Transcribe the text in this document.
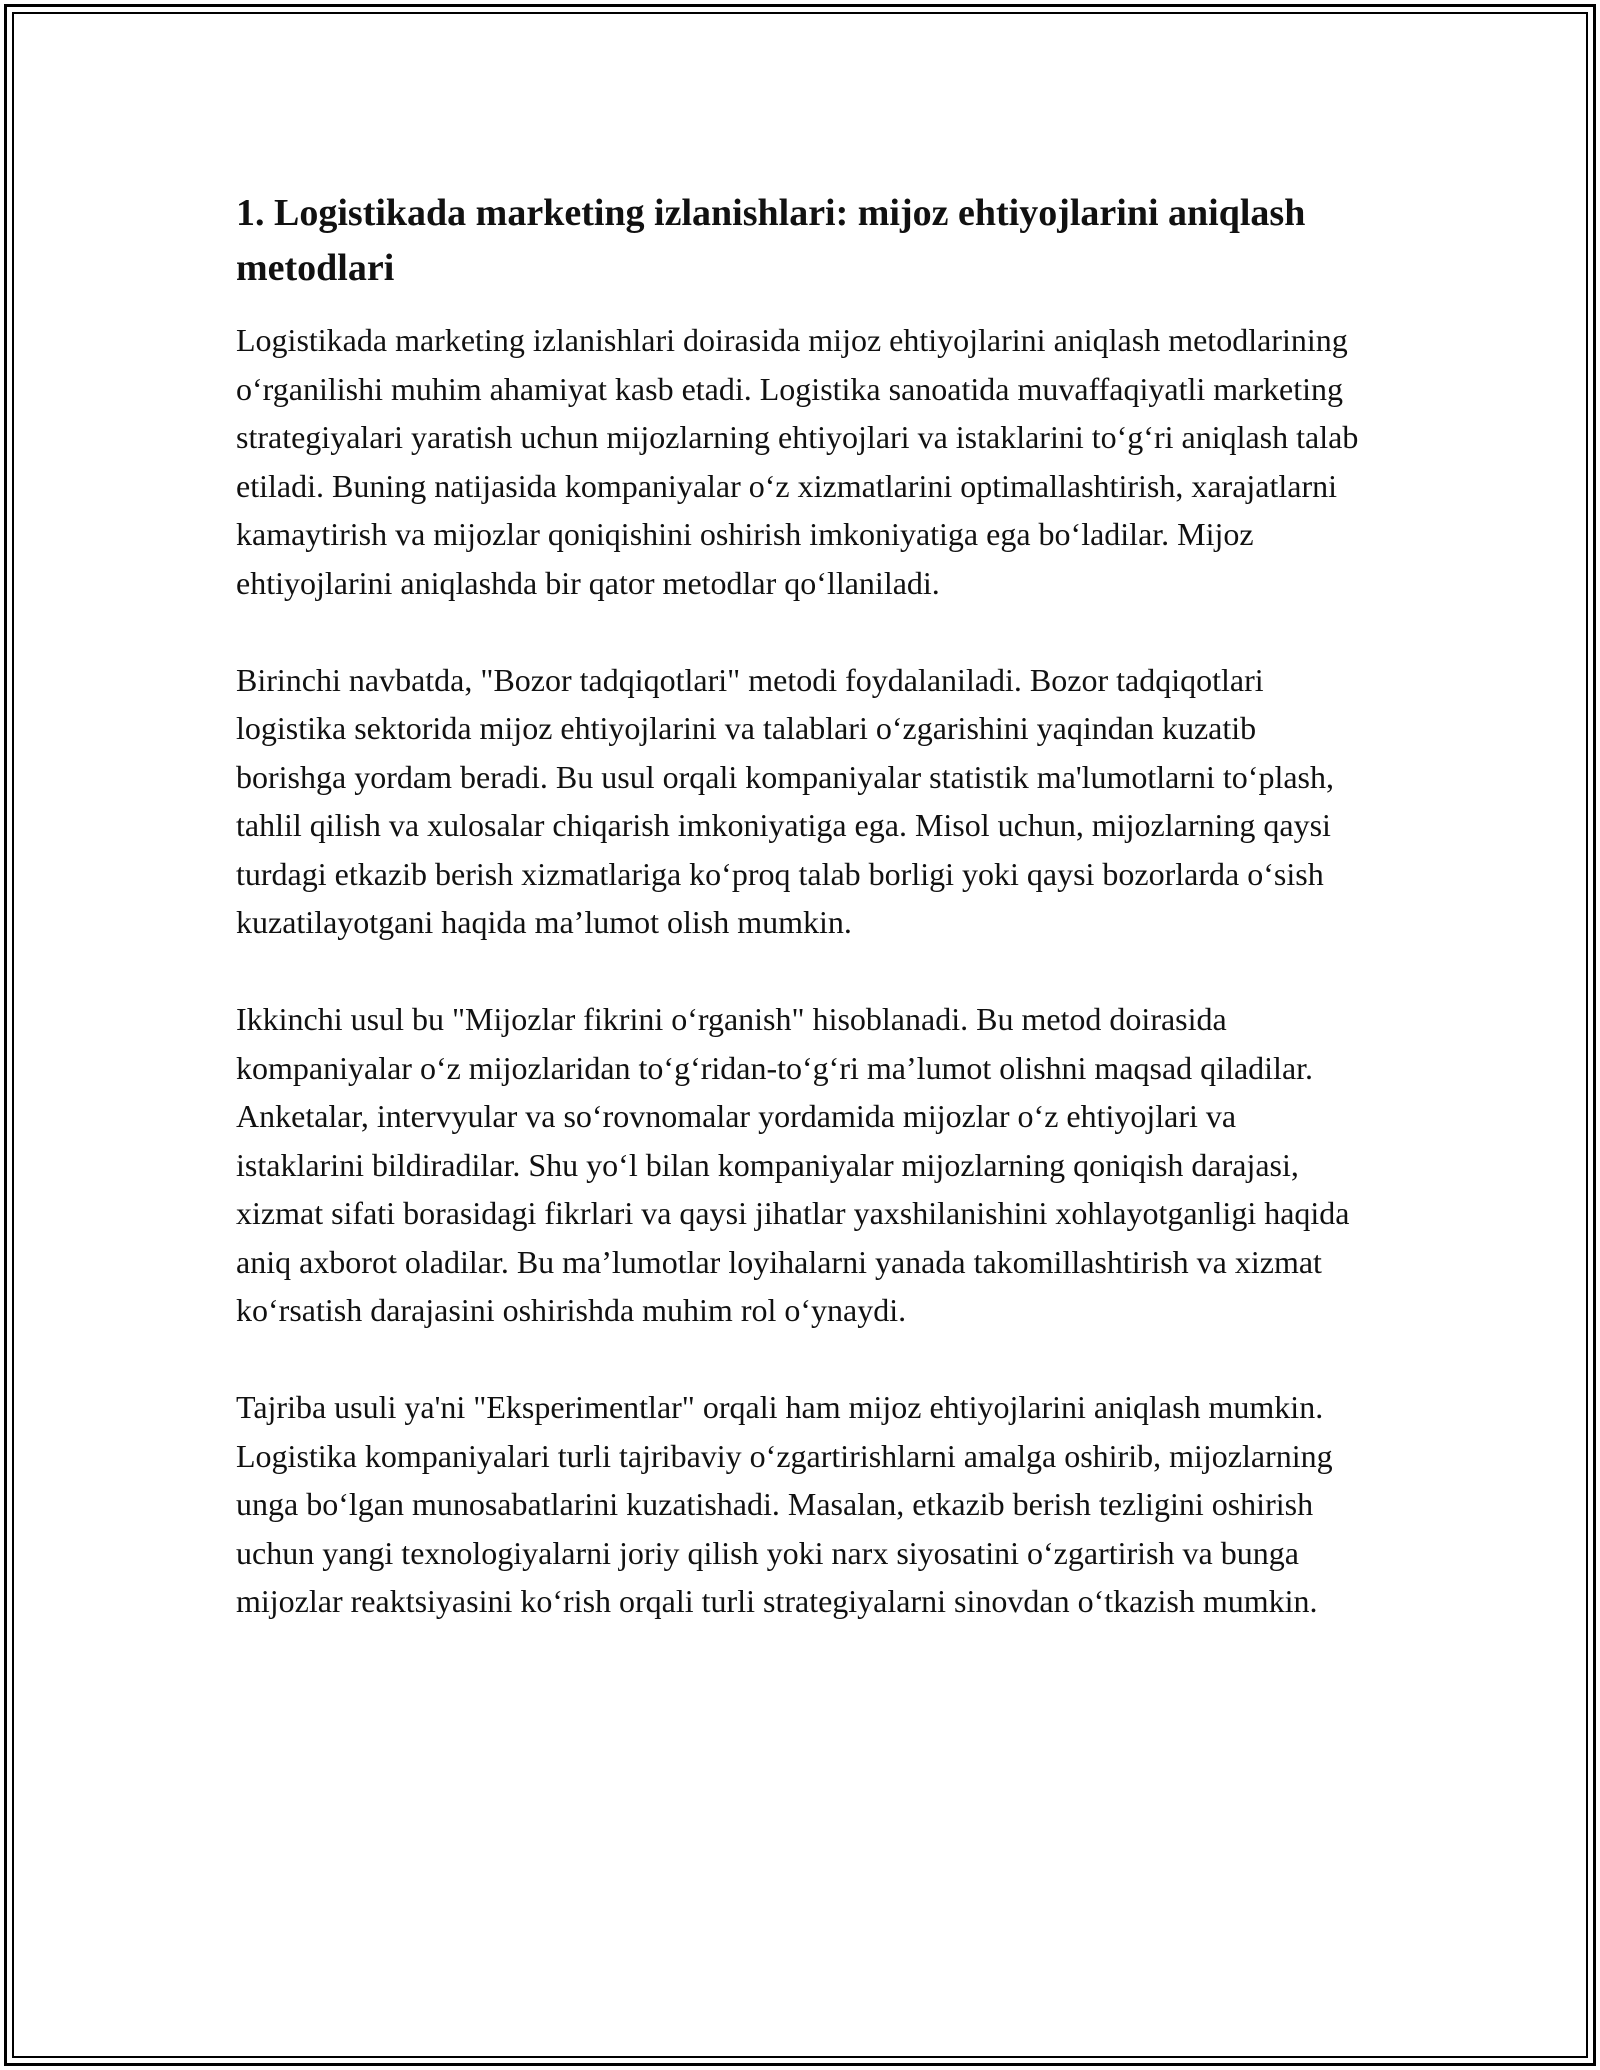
1. Logistikada marketing izlanishlari: mijoz ehtiyojlarini aniqlash metodlari

Logistikada marketing izlanishlari doirasida mijoz ehtiyojlarini aniqlash metodlarining o‘rganilishi muhim ahamiyat kasb etadi. Logistika sanoatida muvaffaqiyatli marketing strategiyalari yaratish uchun mijozlarning ehtiyojlari va istaklarini to‘g‘ri aniqlash talab etiladi. Buning natijasida kompaniyalar o‘z xizmatlarini optimallashtirish, xarajatlarni kamaytirish va mijozlar qoniqishini oshirish imkoniyatiga ega bo‘ladilar. Mijoz ehtiyojlarini aniqlashda bir qator metodlar qo‘llaniladi.

Birinchi navbatda, "Bozor tadqiqotlari" metodi foydalaniladi. Bozor tadqiqotlari logistika sektorida mijoz ehtiyojlarini va talablari o‘zgarishini yaqindan kuzatib borishga yordam beradi. Bu usul orqali kompaniyalar statistik ma'lumotlarni to‘plash, tahlil qilish va xulosalar chiqarish imkoniyatiga ega. Misol uchun, mijozlarning qaysi turdagi etkazib berish xizmatlariga ko‘proq talab borligi yoki qaysi bozorlarda o‘sish kuzatilayotgani haqida ma’lumot olish mumkin.

Ikkinchi usul bu "Mijozlar fikrini o‘rganish" hisoblanadi. Bu metod doirasida kompaniyalar o‘z mijozlaridan to‘g‘ridan-to‘g‘ri ma’lumot olishni maqsad qiladilar. Anketalar, intervyular va so‘rovnomalar yordamida mijozlar o‘z ehtiyojlari va istaklarini bildiradilar. Shu yo‘l bilan kompaniyalar mijozlarning qoniqish darajasi, xizmat sifati borasidagi fikrlari va qaysi jihatlar yaxshilanishini xohlayotganligi haqida aniq axborot oladilar. Bu ma’lumotlar loyihalarni yanada takomillashtirish va xizmat ko‘rsatish darajasini oshirishda muhim rol o‘ynaydi.

Tajriba usuli ya'ni "Eksperimentlar" orqali ham mijoz ehtiyojlarini aniqlash mumkin. Logistika kompaniyalari turli tajribaviy o‘zgartirishlarni amalga oshirib, mijozlarning unga bo‘lgan munosabatlarini kuzatishadi. Masalan, etkazib berish tezligini oshirish uchun yangi texnologiyalarni joriy qilish yoki narx siyosatini o‘zgartirish va bunga mijozlar reaktsiyasini ko‘rish orqali turli strategiyalarni sinovdan o‘tkazish mumkin.
